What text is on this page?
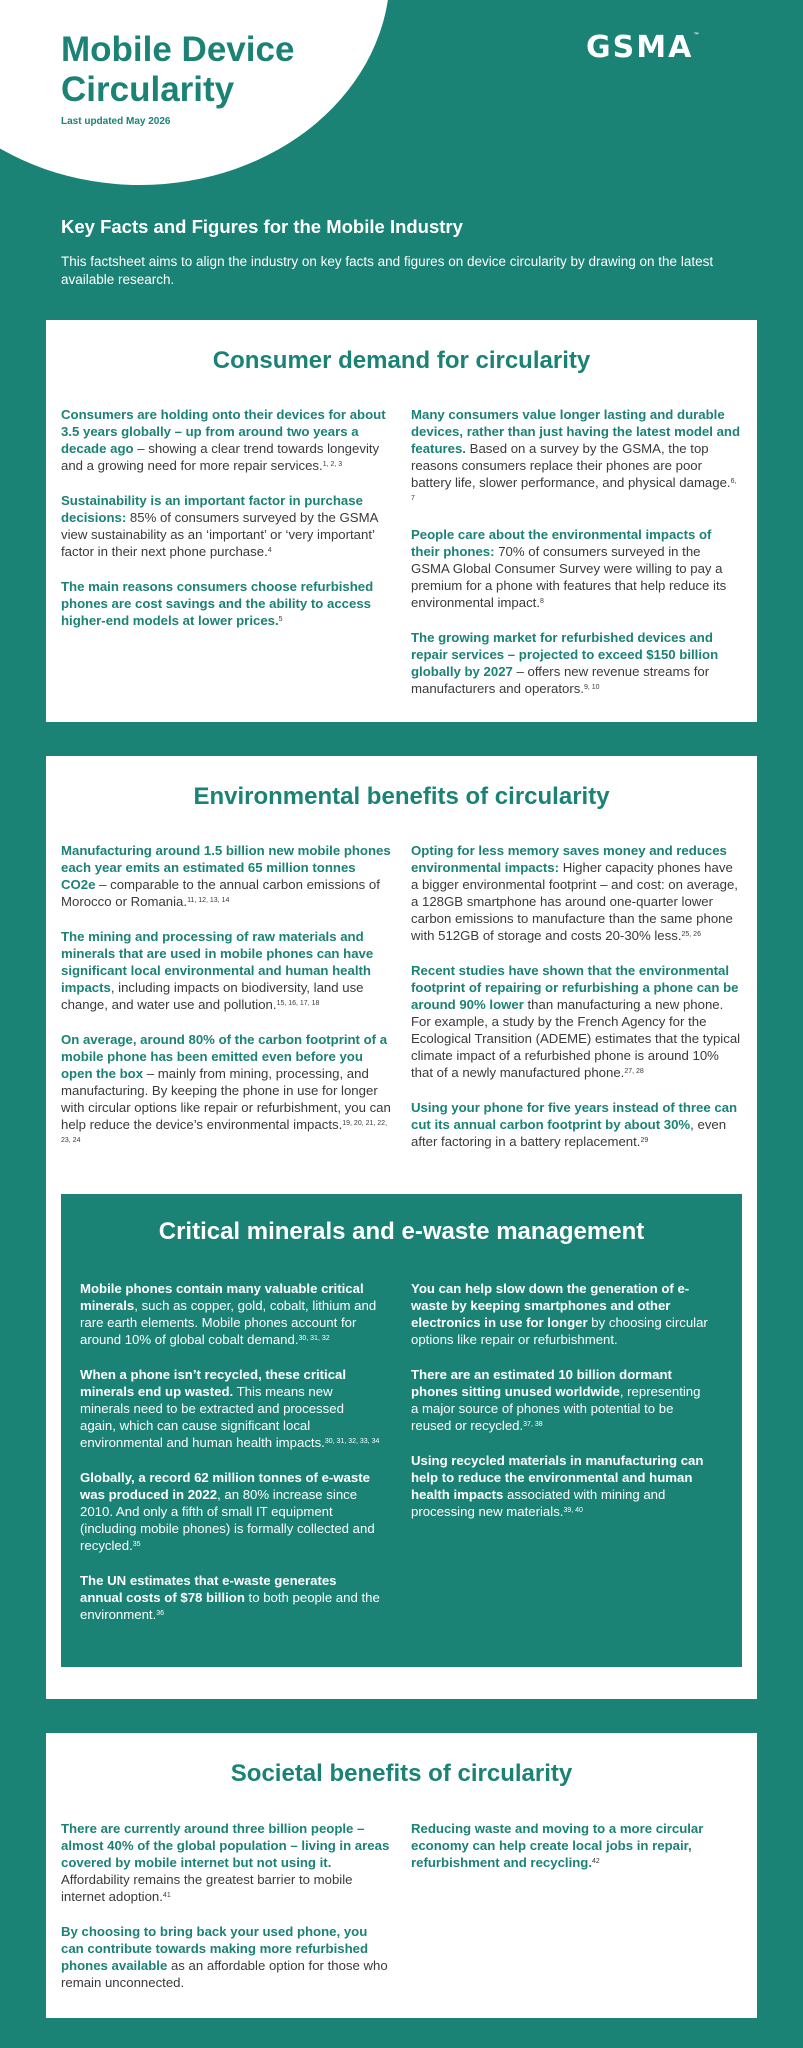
Mobile Device Circularity
Last updated May 2026
GSMA™
Key Facts and Figures for the Mobile Industry

This factsheet aims to align the industry on key facts and figures on device circularity by drawing on the latest available research.

Consumer demand for circularity

Consumers are holding onto their devices for about 3.5 years globally – up from around two years a decade ago – showing a clear trend towards longevity and a growing need for more repair services.$^{1, 2, 3}$

Sustainability is an important factor in purchase decisions: 85% of consumers surveyed by the GSMA view sustainability as an ‘important’ or ‘very important’ factor in their next phone purchase.$^4$

The main reasons consumers choose refurbished phones are cost savings and the ability to access higher-end models at lower prices.$^5$

Many consumers value longer lasting and durable devices, rather than just having the latest model and features. Based on a survey by the GSMA, the top reasons consumers replace their phones are poor battery life, slower performance, and physical damage.$^{6, 7}$

People care about the environmental impacts of their phones: 70% of consumers surveyed in the GSMA Global Consumer Survey were willing to pay a premium for a phone with features that help reduce its environmental impact.$^8$

The growing market for refurbished devices and repair services – projected to exceed $150 billion globally by 2027 – offers new revenue streams for manufacturers and operators.$^{9, 10}$

Environmental benefits of circularity

Manufacturing around 1.5 billion new mobile phones each year emits an estimated 65 million tonnes CO2e – comparable to the annual carbon emissions of Morocco or Romania.$^{11, 12, 13, 14}$

The mining and processing of raw materials and minerals that are used in mobile phones can have significant local environmental and human health impacts, including impacts on biodiversity, land use change, and water use and pollution.$^{15, 16, 17, 18}$

On average, around 80% of the carbon footprint of a mobile phone has been emitted even before you open the box – mainly from mining, processing, and manufacturing. By keeping the phone in use for longer with circular options like repair or refurbishment, you can help reduce the device’s environmental impacts.$^{19, 20, 21, 22, 23, 24}$

Opting for less memory saves money and reduces environmental impacts: Higher capacity phones have a bigger environmental footprint – and cost: on average, a 128GB smartphone has around one-quarter lower carbon emissions to manufacture than the same phone with 512GB of storage and costs 20-30% less.$^{25, 26}$

Recent studies have shown that the environmental footprint of repairing or refurbishing a phone can be around 90% lower than manufacturing a new phone. For example, a study by the French Agency for the Ecological Transition (ADEME) estimates that the typical climate impact of a refurbished phone is around 10% that of a newly manufactured phone.$^{27, 28}$

Using your phone for five years instead of three can cut its annual carbon footprint by about 30%, even after factoring in a battery replacement.$^{29}$

Critical minerals and e-waste management

Mobile phones contain many valuable critical minerals, such as copper, gold, cobalt, lithium and rare earth elements. Mobile phones account for around 10% of global cobalt demand.$^{30, 31, 32}$

When a phone isn’t recycled, these critical minerals end up wasted. This means new minerals need to be extracted and processed again, which can cause significant local environmental and human health impacts.$^{30, 31, 32, 33, 34}$

Globally, a record 62 million tonnes of e-waste was produced in 2022, an 80% increase since 2010. And only a fifth of small IT equipment (including mobile phones) is formally collected and recycled.$^{35}$

The UN estimates that e-waste generates annual costs of $78 billion to both people and the environment.$^{36}$

You can help slow down the generation of e-waste by keeping smartphones and other electronics in use for longer by choosing circular options like repair or refurbishment.

There are an estimated 10 billion dormant phones sitting unused worldwide, representing a major source of phones with potential to be reused or recycled.$^{37, 38}$

Using recycled materials in manufacturing can help to reduce the environmental and human health impacts associated with mining and processing new materials.$^{39, 40}$

Societal benefits of circularity

There are currently around three billion people – almost 40% of the global population – living in areas covered by mobile internet but not using it. Affordability remains the greatest barrier to mobile internet adoption.$^{41}$

By choosing to bring back your used phone, you can contribute towards making more refurbished phones available as an affordable option for those who remain unconnected.

Reducing waste and moving to a more circular economy can help create local jobs in repair, refurbishment and recycling.$^{42}$
